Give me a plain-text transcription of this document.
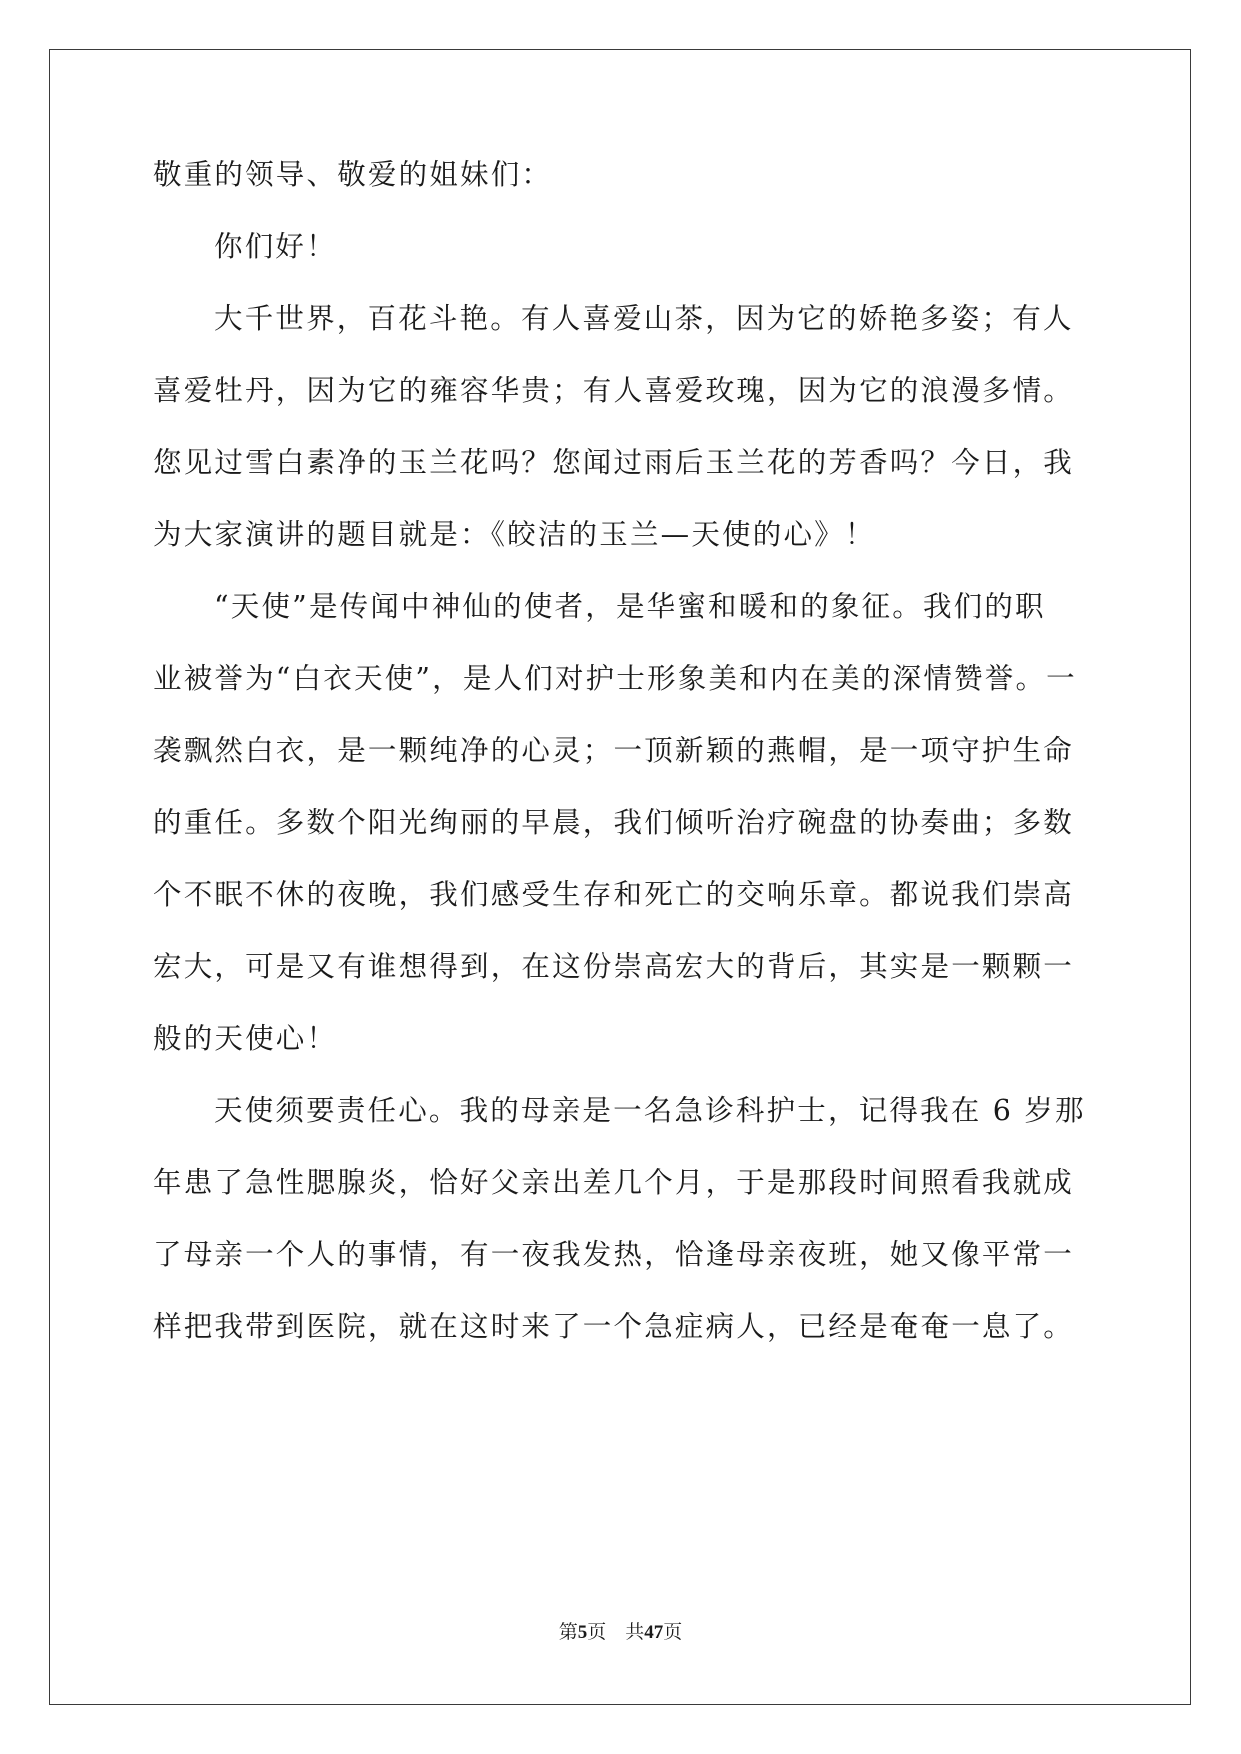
敬重的领导、敬爱的姐妹们：

你们好！

大千世界，百花斗艳。有人喜爱山茶，因为它的娇艳多姿；有人

喜爱牡丹，因为它的雍容华贵；有人喜爱玫瑰，因为它的浪漫多情。

您见过雪白素净的玉兰花吗？您闻过雨后玉兰花的芳香吗？今日，我

为大家演讲的题目就是：《皎洁的玉兰—天使的心》！

“天使”是传闻中神仙的使者，是华蜜和暖和的象征。我们的职

业被誉为“白衣天使”，是人们对护士形象美和内在美的深情赞誉。一

袭飘然白衣，是一颗纯净的心灵；一顶新颖的燕帽，是一项守护生命

的重任。多数个阳光绚丽的早晨，我们倾听治疗碗盘的协奏曲；多数

个不眠不休的夜晚，我们感受生存和死亡的交响乐章。都说我们崇高

宏大，可是又有谁想得到，在这份崇高宏大的背后，其实是一颗颗一

般的天使心！

天使须要责任心。我的母亲是一名急诊科护士，记得我在 6 岁那

年患了急性腮腺炎，恰好父亲出差几个月，于是那段时间照看我就成

了母亲一个人的事情，有一夜我发热，恰逢母亲夜班，她又像平常一

样把我带到医院，就在这时来了一个急症病人，已经是奄奄一息了。

第5页　共47页
